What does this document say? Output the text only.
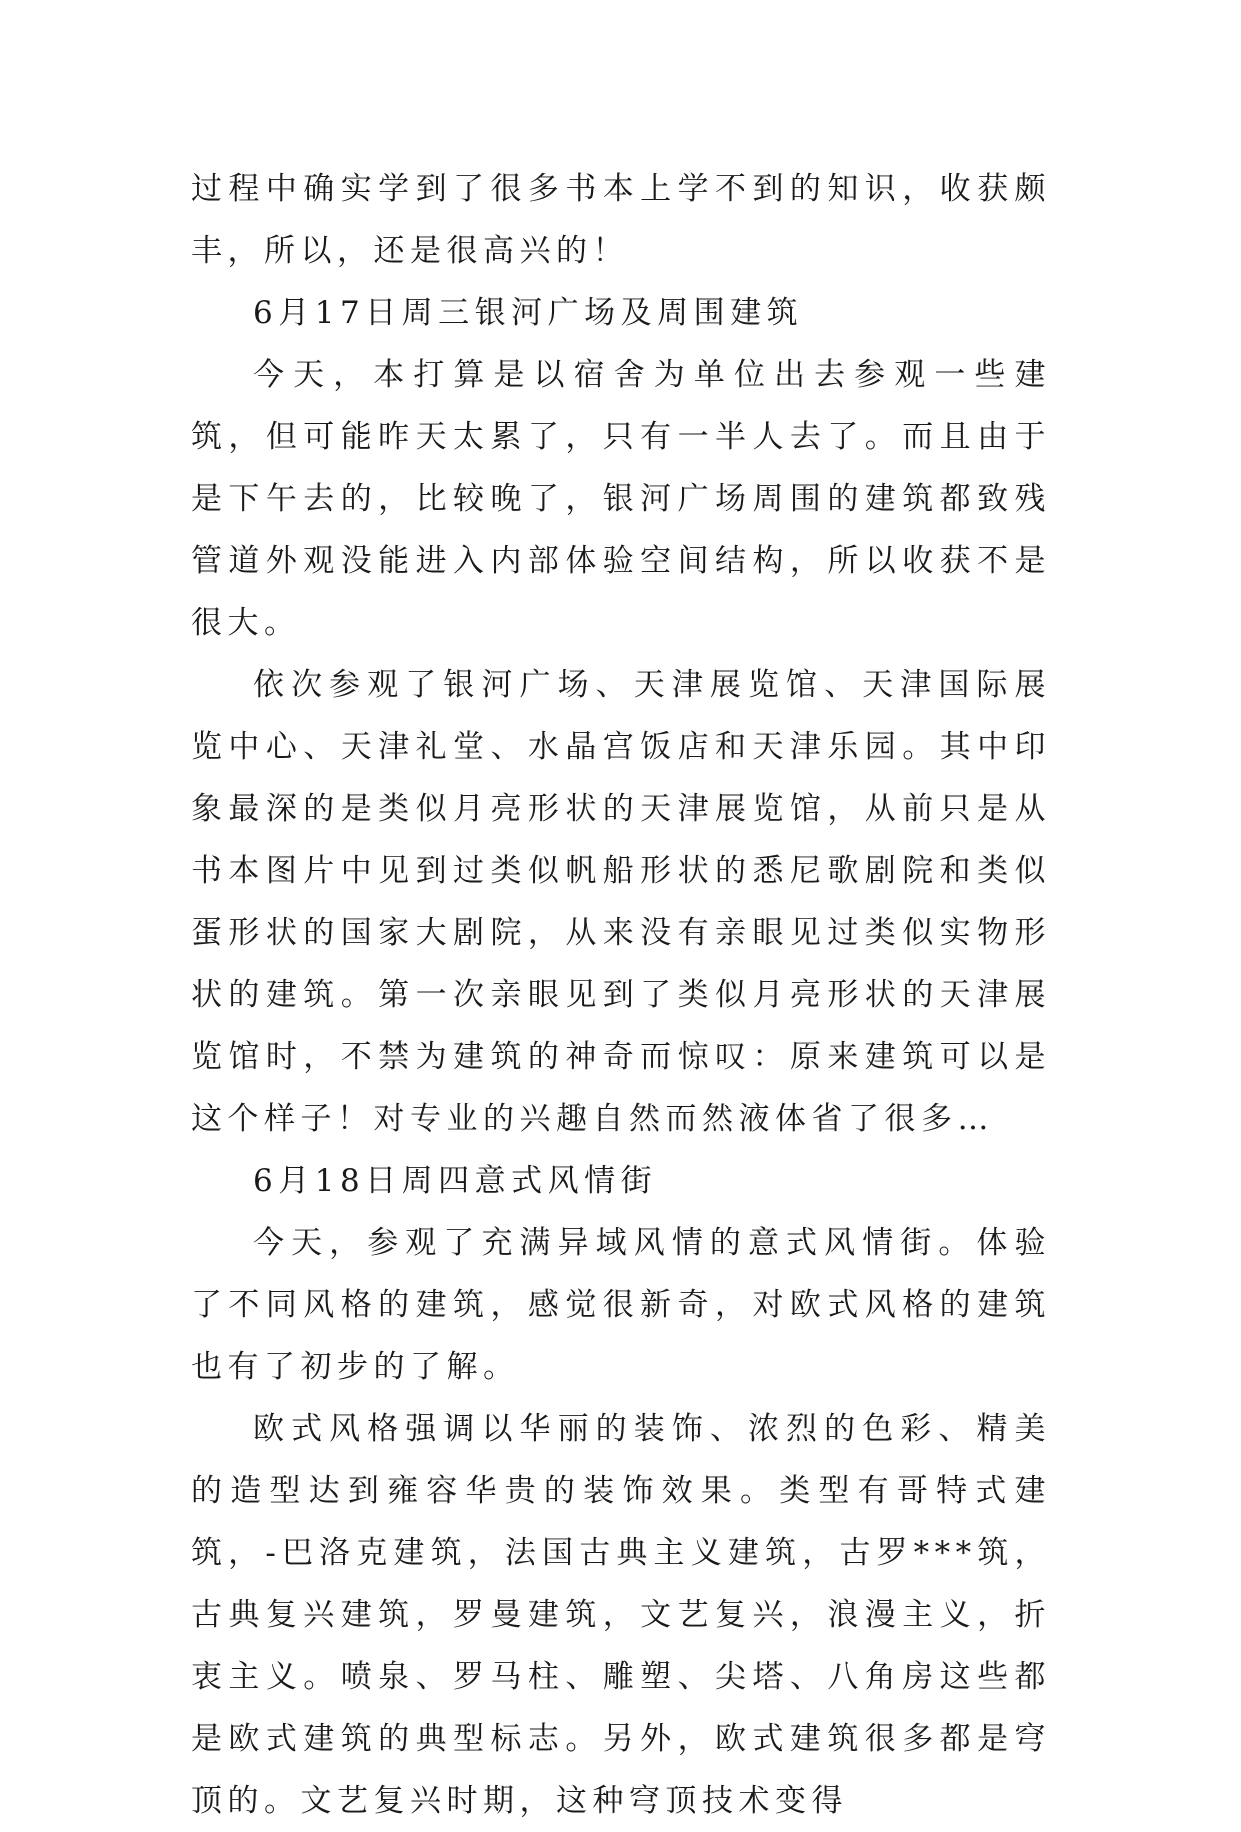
过程中确实学到了很多书本上学不到的知识，收获颇丰，所以，还是很高兴的！

6月17日周三银河广场及周围建筑

今天，本打算是以宿舍为单位出去参观一些建筑，但可能昨天太累了，只有一半人去了。而且由于是下午去的，比较晚了，银河广场周围的建筑都致残管道外观没能进入内部体验空间结构，所以收获不是很大。

依次参观了银河广场、天津展览馆、天津国际展览中心、天津礼堂、水晶宫饭店和天津乐园。其中印象最深的是类似月亮形状的天津展览馆，从前只是从书本图片中见到过类似帆船形状的悉尼歌剧院和类似蛋形状的国家大剧院，从来没有亲眼见过类似实物形状的建筑。第一次亲眼见到了类似月亮形状的天津展览馆时，不禁为建筑的神奇而惊叹：原来建筑可以是这个样子！对专业的兴趣自然而然液体省了很多…

6月18日周四意式风情街

今天，参观了充满异域风情的意式风情街。体验了不同风格的建筑，感觉很新奇，对欧式风格的建筑也有了初步的了解。

欧式风格强调以华丽的装饰、浓烈的色彩、精美的造型达到雍容华贵的装饰效果。类型有哥特式建筑，-巴洛克建筑，法国古典主义建筑，古罗***筑，古典复兴建筑，罗曼建筑，文艺复兴，浪漫主义，折衷主义。喷泉、罗马柱、雕塑、尖塔、八角房这些都是欧式建筑的典型标志。另外，欧式建筑很多都是穹顶的。文艺复兴时期，这种穹顶技术变得
